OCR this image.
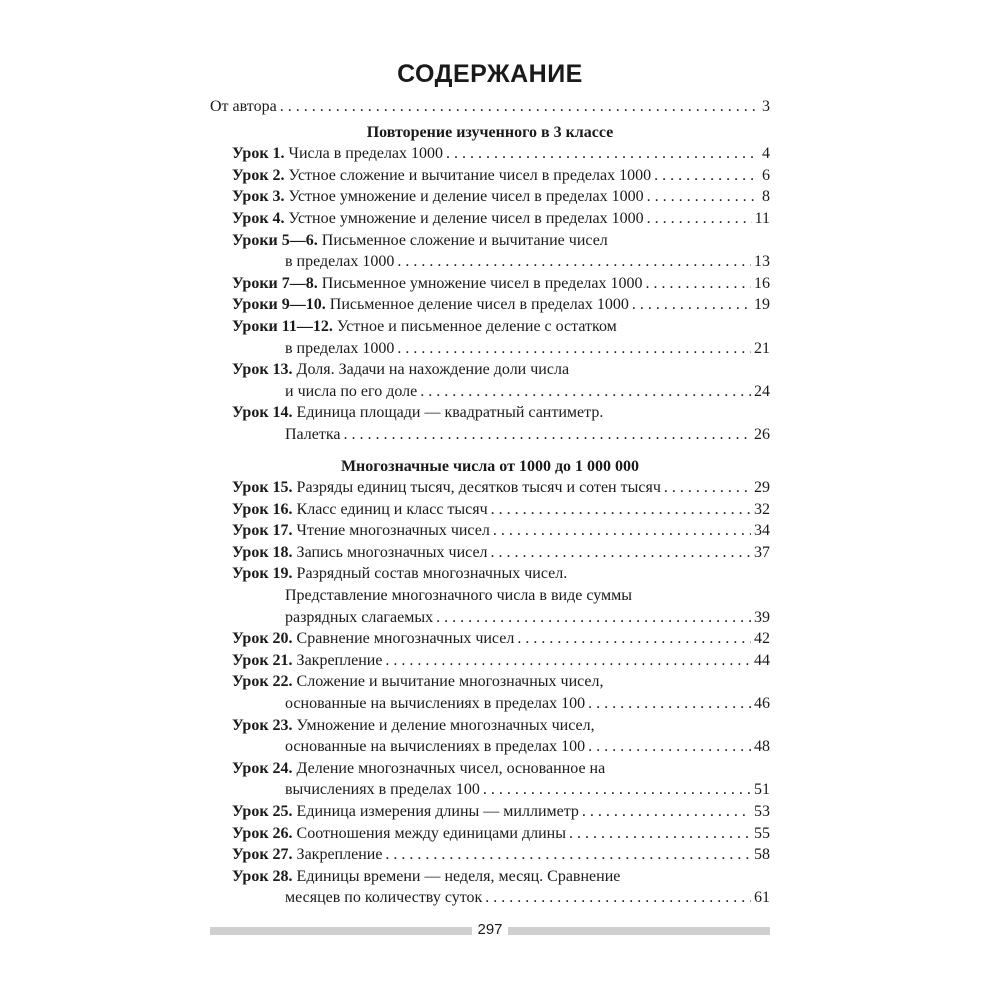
СОДЕРЖАНИЕ
От автора . . .	3
Повторение изученного в 3 классе
Урок 1. Числа в пределах 1000 . . .	4
Урок 2. Устное сложение и вычитание чисел в пределах 1000 . . .	6
Урок 3. Устное умножение и деление чисел в пределах 1000 . . .	8
Урок 4. Устное умножение и деление чисел в пределах 1000 . . .	11
Уроки 5—6. Письменное сложение и вычитание чисел
в пределах 1000 . . .	13
Уроки 7—8. Письменное умножение чисел в пределах 1000 . . .	16
Уроки 9—10. Письменное деление чисел в пределах 1000 . . .	19
Уроки 11—12. Устное и письменное деление с остатком
в пределах 1000 . . .	21
Урок 13. Доля. Задачи на нахождение доли числа
и числа по его доле . . .	24
Урок 14. Единица площади — квадратный сантиметр.
Палетка . . .	26
Многозначные числа от 1000 до 1 000 000
Урок 15. Разряды единиц тысяч, десятков тысяч и сотен тысяч . . .	29
Урок 16. Класс единиц и класс тысяч . . .	32
Урок 17. Чтение многозначных чисел . . .	34
Урок 18. Запись многозначных чисел . . .	37
Урок 19. Разрядный состав многозначных чисел.
Представление многозначного числа в виде суммы
разрядных слагаемых . . .	39
Урок 20. Сравнение многозначных чисел . . .	42
Урок 21. Закрепление . . .	44
Урок 22. Сложение и вычитание многозначных чисел,
основанные на вычислениях в пределах 100 . . .	46
Урок 23. Умножение и деление многозначных чисел,
основанные на вычислениях в пределах 100 . . .	48
Урок 24. Деление многозначных чисел, основанное на
вычислениях в пределах 100 . . .	51
Урок 25. Единица измерения длины — миллиметр . . .	53
Урок 26. Соотношения между единицами длины . . .	55
Урок 27. Закрепление . . .	58
Урок 28. Единицы времени — неделя, месяц. Сравнение
месяцев по количеству суток . . .	61
297
